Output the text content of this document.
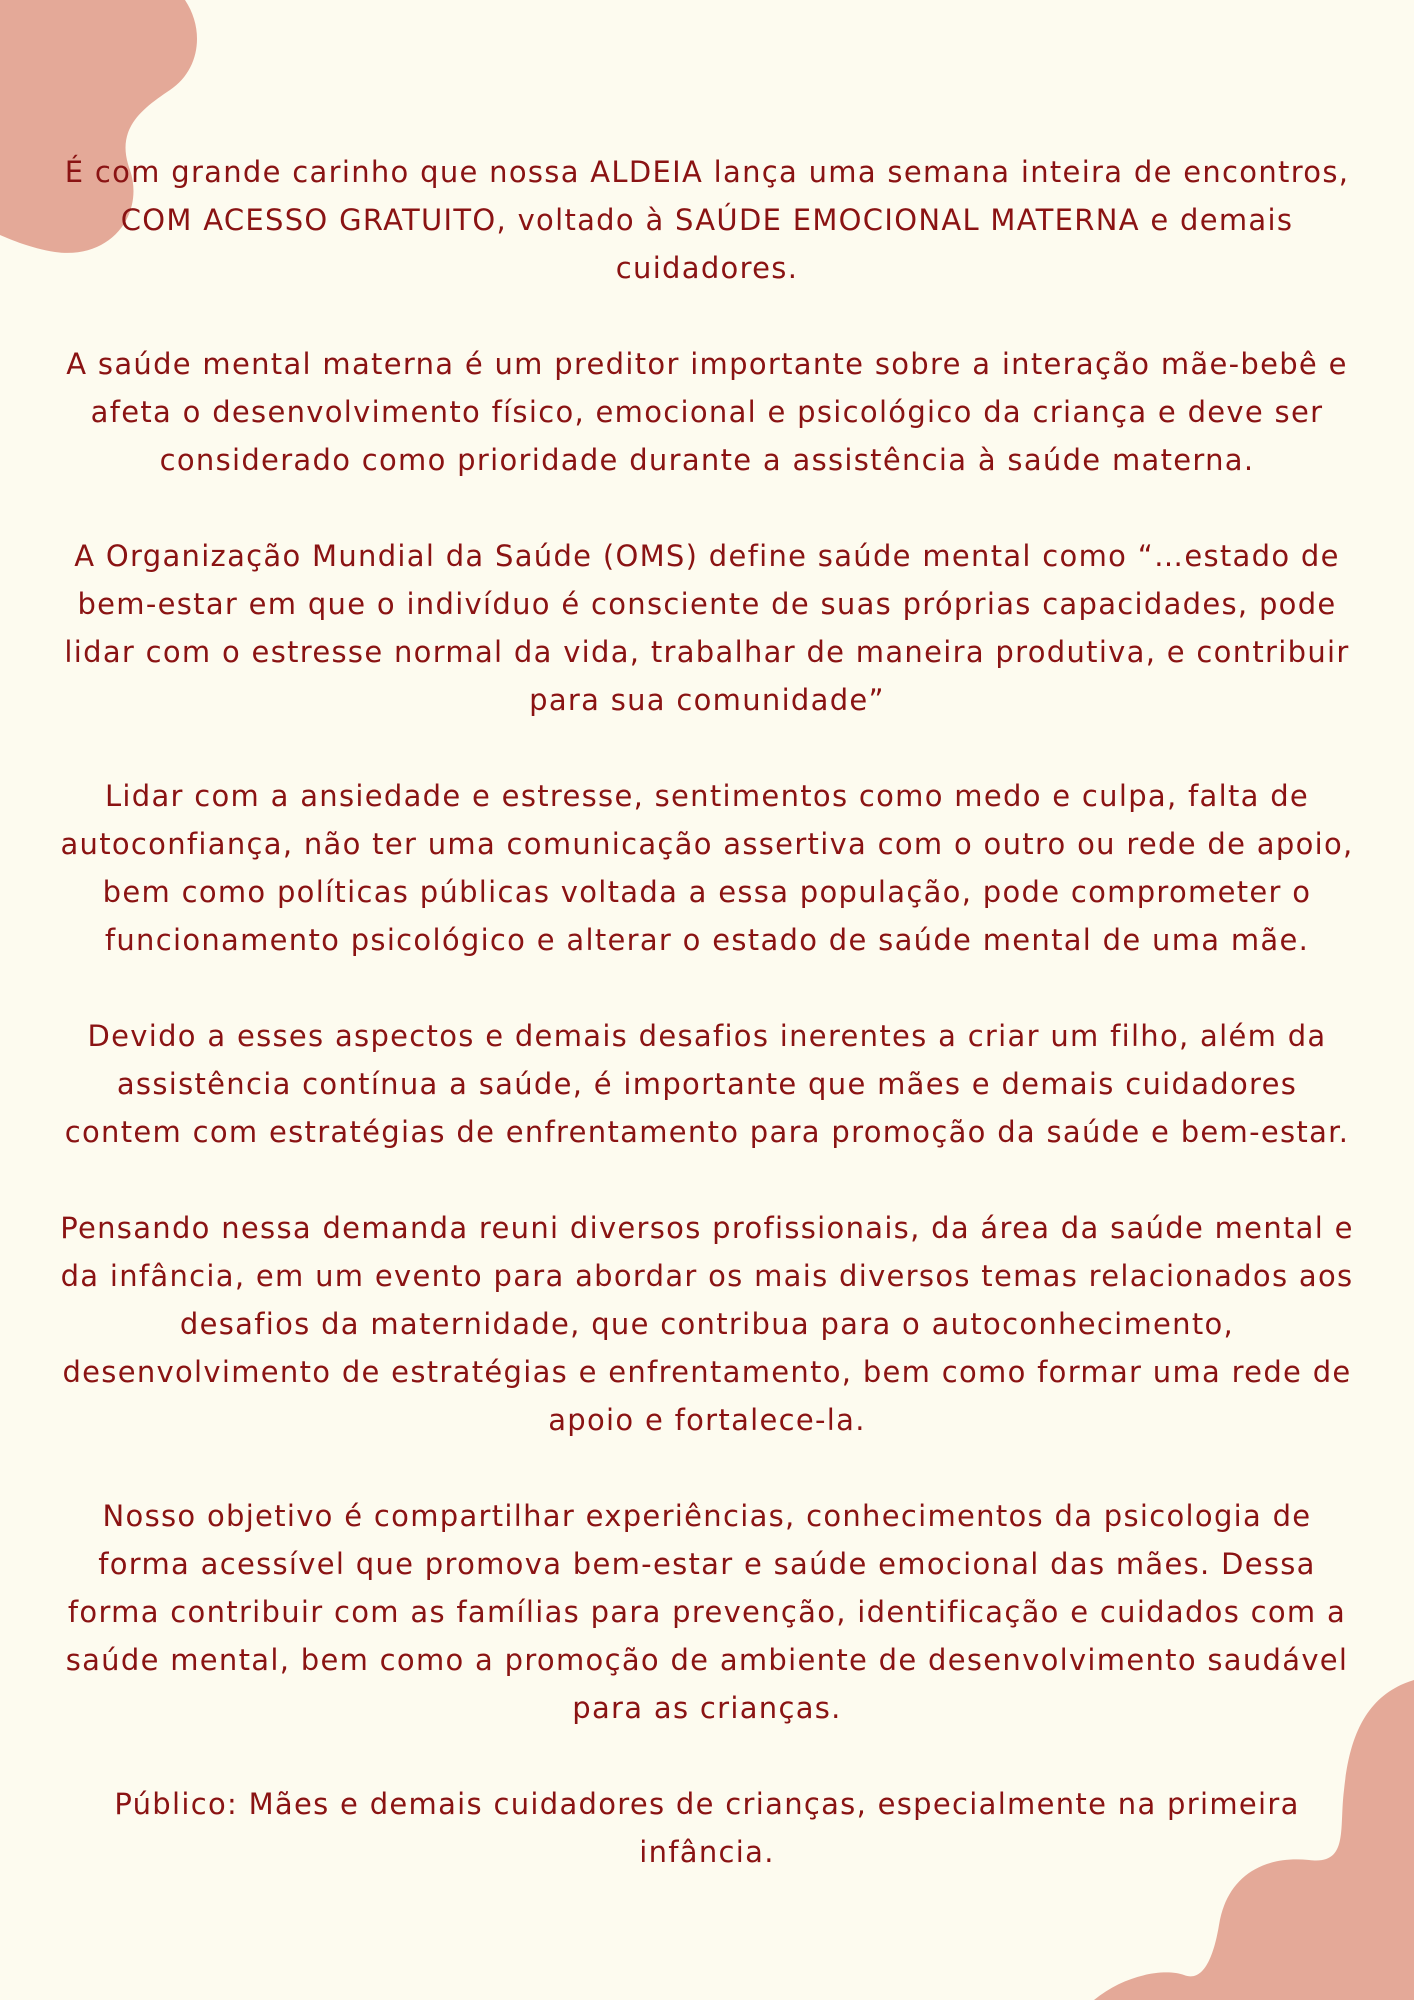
É com grande carinho que nossa ALDEIA lança uma semana inteira de encontros, COM ACESSO GRATUITO, voltado à SAÚDE EMOCIONAL MATERNA e demais cuidadores.

A saúde mental materna é um preditor importante sobre a interação mãe-bebê e afeta o desenvolvimento físico, emocional e psicológico da criança e deve ser considerado como prioridade durante a assistência à saúde materna.

A Organização Mundial da Saúde (OMS) define saúde mental como “…estado de bem-estar em que o indivíduo é consciente de suas próprias capacidades, pode lidar com o estresse normal da vida, trabalhar de maneira produtiva, e contribuir para sua comunidade”

Lidar com a ansiedade e estresse, sentimentos como medo e culpa, falta de autoconfiança, não ter uma comunicação assertiva com o outro ou rede de apoio, bem como políticas públicas voltada a essa população, pode comprometer o funcionamento psicológico e alterar o estado de saúde mental de uma mãe.

Devido a esses aspectos e demais desafios inerentes a criar um filho, além da assistência contínua a saúde, é importante que mães e demais cuidadores contem com estratégias de enfrentamento para promoção da saúde e bem-estar.

Pensando nessa demanda reuni diversos profissionais, da área da saúde mental e da infância, em um evento para abordar os mais diversos temas relacionados aos desafios da maternidade, que contribua para o autoconhecimento, desenvolvimento de estratégias e enfrentamento, bem como formar uma rede de apoio e fortalece-la.

Nosso objetivo é compartilhar experiências, conhecimentos da psicologia de forma acessível que promova bem-estar e saúde emocional das mães. Dessa forma contribuir com as famílias para prevenção, identificação e cuidados com a saúde mental, bem como a promoção de ambiente de desenvolvimento saudável para as crianças.

Público: Mães e demais cuidadores de crianças, especialmente na primeira infância.
